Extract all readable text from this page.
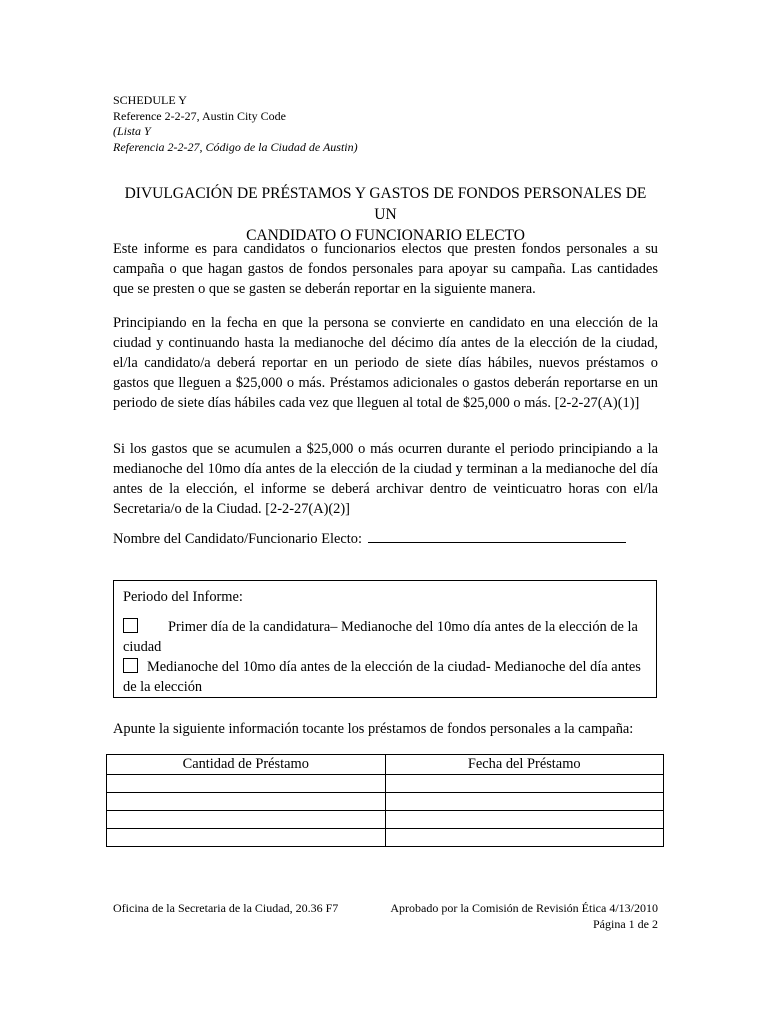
SCHEDULE Y
Reference 2-2-27, Austin City Code
(Lista Y
Referencia 2-2-27, Código de la Ciudad de Austin)
DIVULGACIÓN DE PRÉSTAMOS Y GASTOS DE FONDOS PERSONALES DE UN
CANDIDATO O FUNCIONARIO ELECTO
Este informe es para candidatos o funcionarios electos que presten fondos personales a su campaña o que hagan gastos de fondos personales para apoyar su campaña. Las cantidades que se presten o que se gasten se deberán reportar en la siguiente manera.
Principiando en la fecha en que la persona se convierte en candidato en una elección de la ciudad y continuando hasta la medianoche del décimo día antes de la elección de la ciudad, el/la candidato/a deberá reportar en un periodo de siete días hábiles, nuevos préstamos o gastos que lleguen a $25,000 o más. Préstamos adicionales o gastos deberán reportarse en un periodo de siete días hábiles cada vez que lleguen al total de $25,000 o más. [2-2-27(A)(1)]
Si los gastos que se acumulen a $25,000 o más ocurren durante el periodo principiando a la medianoche del 10mo día antes de la elección de la ciudad y terminan a la medianoche del día antes de la elección, el informe se deberá archivar dentro de veinticuatro horas con el/la Secretaria/o de la Ciudad. [2-2-27(A)(2)]
Nombre del Candidato/Funcionario Electo:
Periodo del Informe:
Primer día de la candidatura– Medianoche del 10mo día antes de la elección de la ciudad
Medianoche del 10mo día antes de la elección de la ciudad- Medianoche del día antes de la elección
Apunte la siguiente información tocante los préstamos de fondos personales a la campaña:
Cantidad de Préstamo	Fecha del Préstamo

Oficina de la Secretaria de la Ciudad, 20.36 F7	Aprobado por la Comisión de Revisión Ética 4/13/2010
Página 1 de 2
